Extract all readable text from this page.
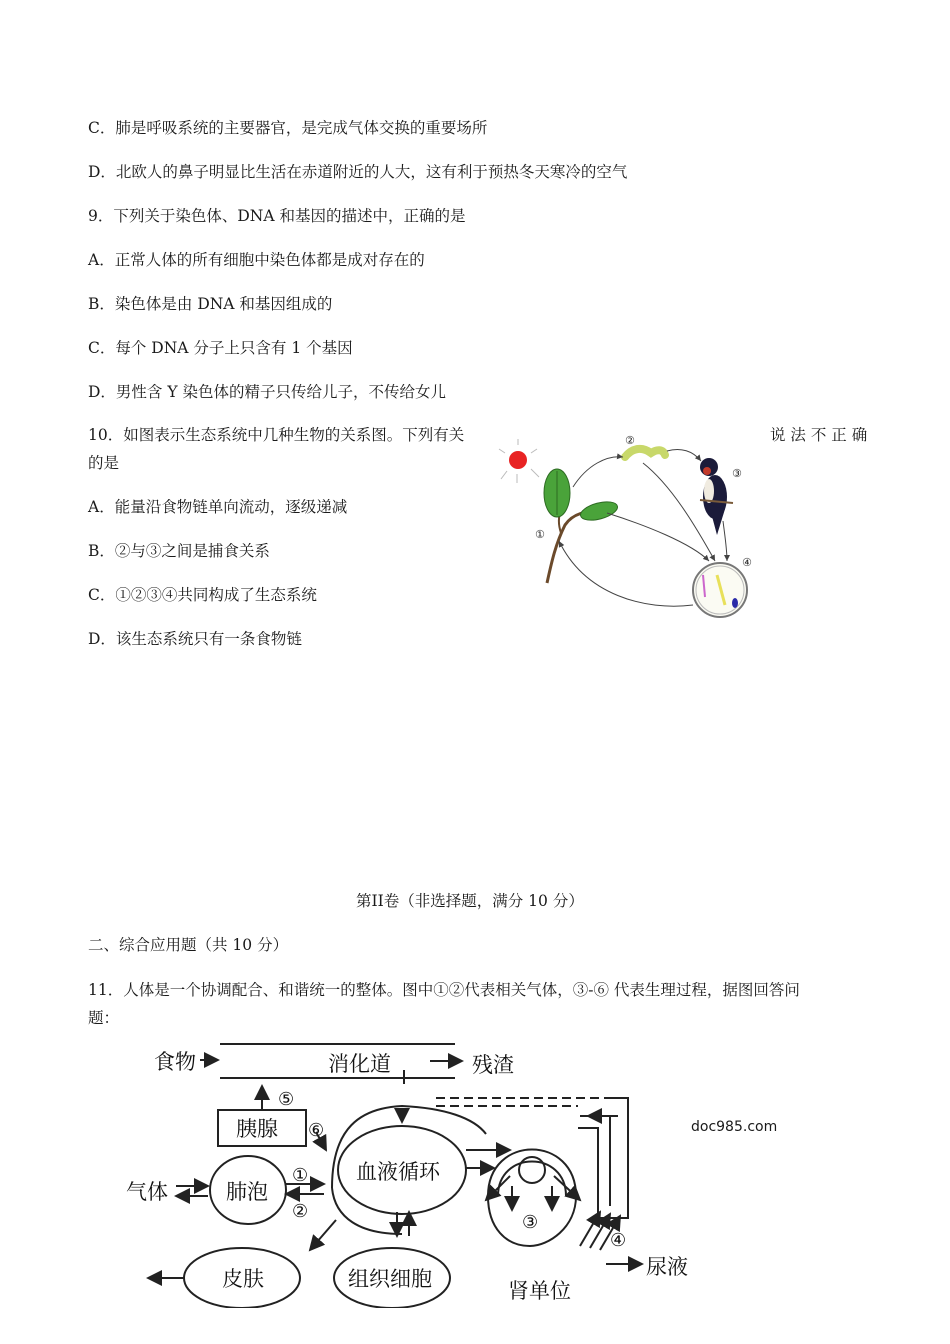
C．肺是呼吸系统的主要器官，是完成气体交换的重要场所
D．北欧人的鼻子明显比生活在赤道附近的人大，这有利于预热冬天寒冷的空气
9．下列关于染色体、DNA 和基因的描述中，正确的是
A．正常人体的所有细胞中染色体都是成对存在的
B．染色体是由 DNA 和基因组成的
C．每个 DNA 分子上只含有 1 个基因
D．男性含 Y 染色体的精子只传给儿子，不传给女儿
10．如图表示生态系统中几种生物的关系图。下列有关	说 法 不 正 确
的是
A．能量沿食物链单向流动，逐级递减
B．②与③之间是捕食关系
C．①②③④共同构成了生态系统
D．该生态系统只有一条食物链
②
③
①
④
第II卷（非选择题，满分 10 分）
二、综合应用题（共 10 分）
11．人体是一个协调配合、和谐统一的整体。图中①②代表相关气体，③-⑥ 代表生理过程，据图回答问
题：
doc985.com
食物	消化道	残渣
胰腺
气体	肺泡
血液循环
皮肤	组织细胞	肾单位
尿液
⑤
⑥
①
②
③
④
